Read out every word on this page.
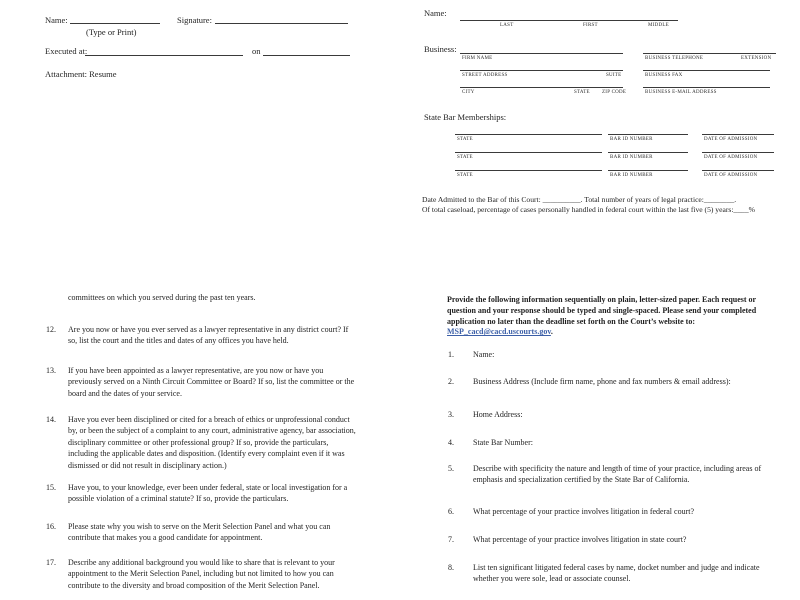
Name:	Signature:
(Type or Print)
Executed at:	on
Attachment: Resume
committees on which you served during the past ten years.
12.	Are you now or have you ever served as a lawyer representative in any district court? If so, list the court and the titles and dates of any offices you have held.
13.	If you have been appointed as a lawyer representative, are you now or have you previously served on a Ninth Circuit Committee or Board? If so, list the committee or the board and the dates of your service.
14.	Have you ever been disciplined or cited for a breach of ethics or unprofessional conduct by, or been the subject of a complaint to any court, administrative agency, bar association, disciplinary committee or other professional group? If so, provide the particulars, including the applicable dates and disposition. (Identify every complaint even if it was dismissed or did not result in disciplinary action.)
15.	Have you, to your knowledge, ever been under federal, state or local investigation for a possible violation of a criminal statute? If so, provide the particulars.
16.	Please state why you wish to serve on the Merit Selection Panel and what you can contribute that makes you a good candidate for appointment.
17.	Describe any additional background you would like to share that is relevant to your appointment to the Merit Selection Panel, including but not limited to how you can contribute to the diversity and broad composition of the Merit Selection Panel.
Name:
LAST	FIRST	MIDDLE
Business:
FIRM NAME	BUSINESS TELEPHONE	EXTENSION
STREET ADDRESS	SUITE	BUSINESS FAX
CITY	STATE ZIP CODE	BUSINESS E-MAIL ADDRESS
State Bar Memberships:
STATE	BAR ID NUMBER	DATE OF ADMISSION
STATE	BAR ID NUMBER	DATE OF ADMISSION
STATE	BAR ID NUMBER	DATE OF ADMISSION
Date Admitted to the Bar of this Court: __________. Total number of years of legal practice:________.
Of total caseload, percentage of cases personally handled in federal court within the last five (5) years:____%
Provide the following information sequentially on plain, letter-sized paper. Each request or question and your response should be typed and single-spaced. Please send your completed application no later than the deadline set forth on the Court’s website to: MSP_cacd@cacd.uscourts.gov.
1.	Name:
2.	Business Address (Include firm name, phone and fax numbers & email address):
3.	Home Address:
4.	State Bar Number:
5.	Describe with specificity the nature and length of time of your practice, including areas of emphasis and specialization certified by the State Bar of California.
6.	What percentage of your practice involves litigation in federal court?
7.	What percentage of your practice involves litigation in state court?
8.	List ten significant litigated federal cases by name, docket number and judge and indicate whether you were sole, lead or associate counsel.
